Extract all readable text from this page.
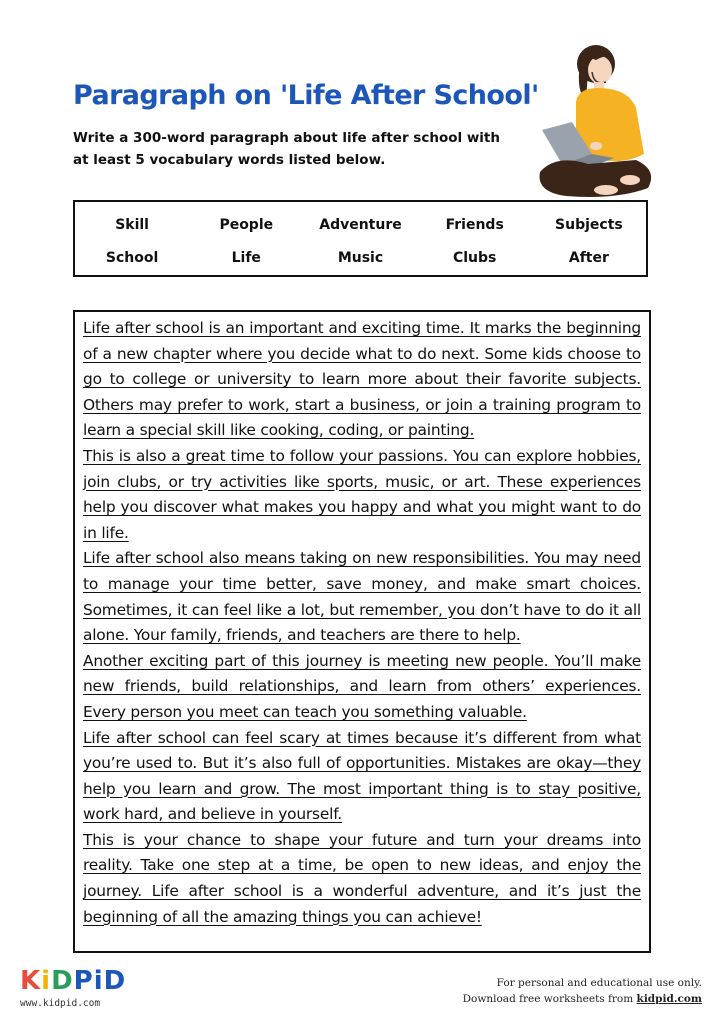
Paragraph on 'Life After School'
Write a 300-word paragraph about life after school with at least 5 vocabulary words listed below.
Skill	People	Adventure	Friends	Subjects
School	Life	Music	Clubs	After

Life after school is an important and exciting time. It marks the beginning of a new chapter where you decide what to do next. Some kids choose to go to college or university to learn more about their favorite subjects. Others may prefer to work, start a business, or join a training program to learn a special skill like cooking, coding, or painting.

This is also a great time to follow your passions. You can explore hobbies, join clubs, or try activities like sports, music, or art. These experiences help you discover what makes you happy and what you might want to do in life.

Life after school also means taking on new responsibilities. You may need to manage your time better, save money, and make smart choices. Sometimes, it can feel like a lot, but remember, you don’t have to do it all alone. Your family, friends, and teachers are there to help.

Another exciting part of this journey is meeting new people. You’ll make new friends, build relationships, and learn from others’ experiences. Every person you meet can teach you something valuable.

Life after school can feel scary at times because it’s different from what you’re used to. But it’s also full of opportunities. Mistakes are okay—they help you learn and grow. The most important thing is to stay positive, work hard, and believe in yourself.

This is your chance to shape your future and turn your dreams into reality. Take one step at a time, be open to new ideas, and enjoy the journey. Life after school is a wonderful adventure, and it’s just the beginning of all the amazing things you can achieve!

KiDPiD
www.kidpid.com
For personal and educational use only.
Download free worksheets from kidpid.com
